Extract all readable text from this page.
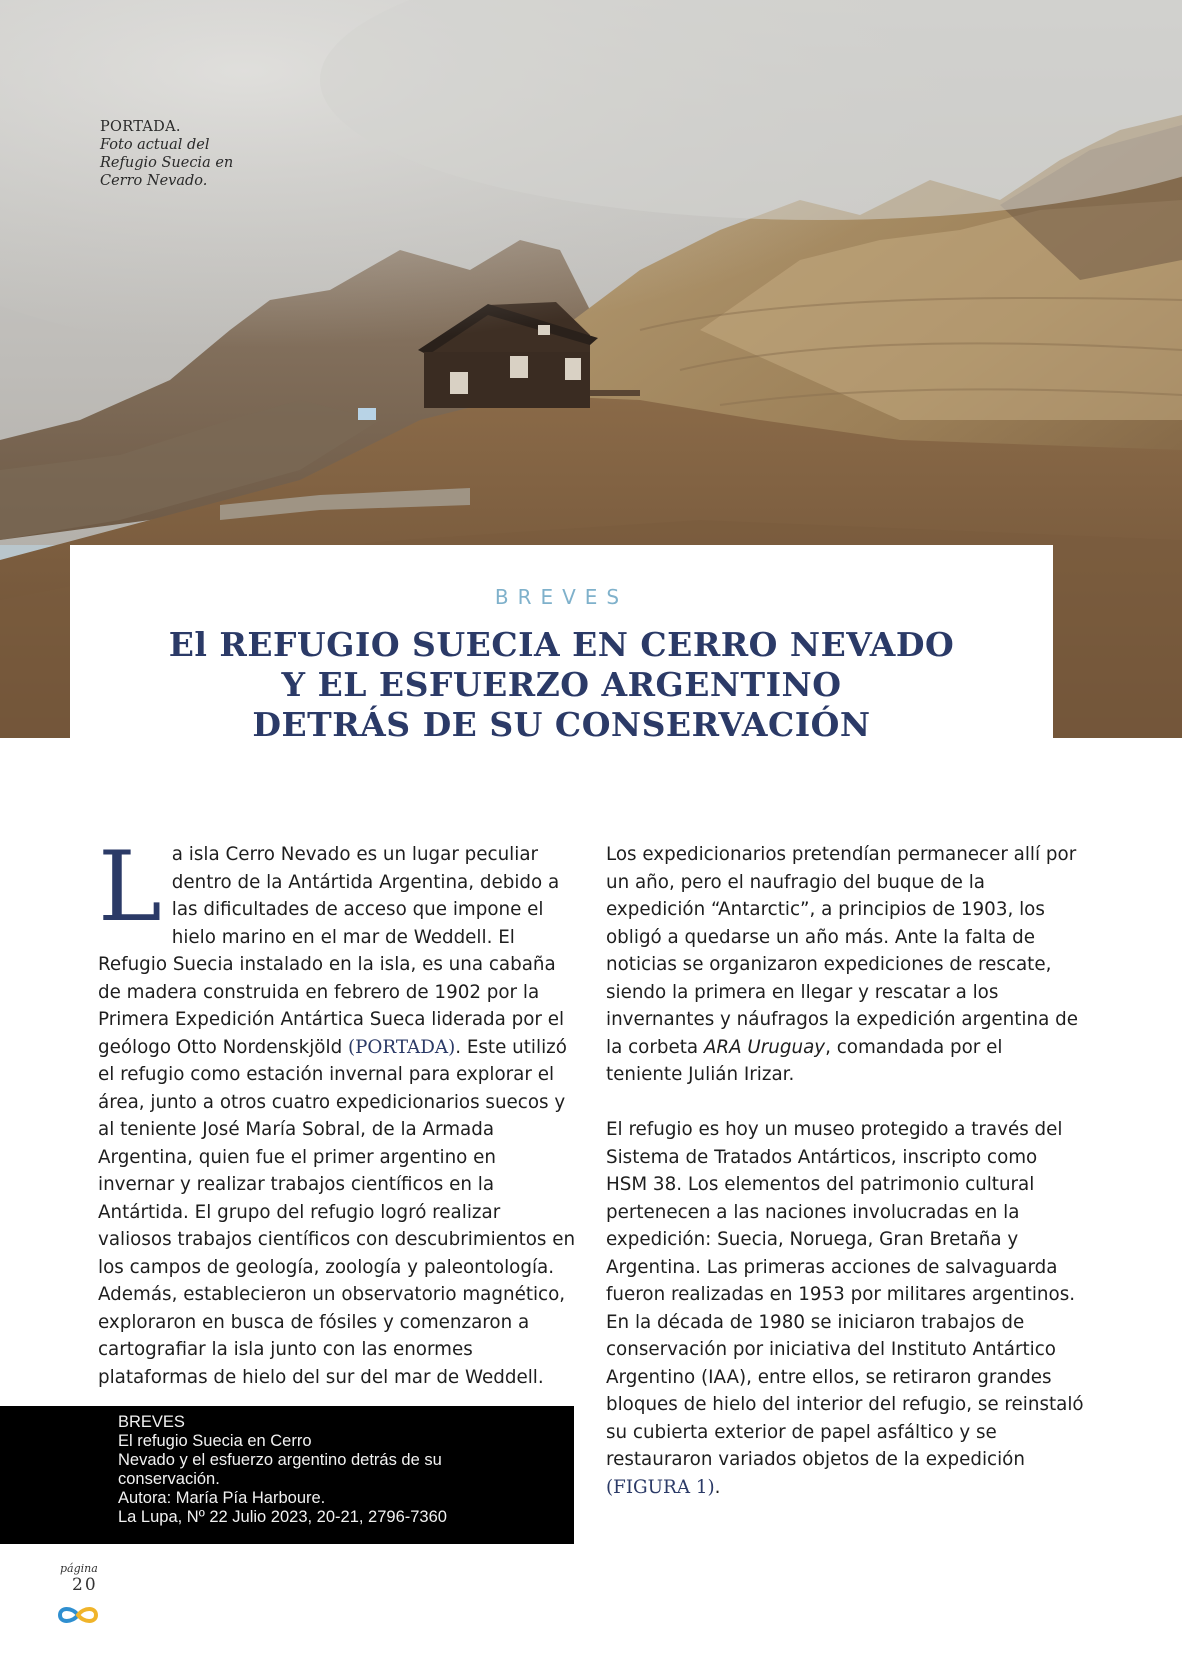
PORTADA.
Foto actual del Refugio Suecia en Cerro Nevado.
BREVES
El REFUGIO SUECIA EN CERRO NEVADO
Y EL ESFUERZO ARGENTINO
DETRÁS DE SU CONSERVACIÓN

La isla Cerro Nevado es un lugar peculiar dentro de la Antártida Argentina, debido a las dificultades de acceso que impone el hielo marino en el mar de Weddell. El Refugio Suecia instalado en la isla, es una cabaña de madera construida en febrero de 1902 por la Primera Expedición Antártica Sueca liderada por el geólogo Otto Nordenskjöld (PORTADA). Este utilizó el refugio como estación invernal para explorar el área, junto a otros cuatro expedicionarios suecos y al teniente José María Sobral, de la Armada Argentina, quien fue el primer argentino en invernar y realizar trabajos científicos en la Antártida. El grupo del refugio logró realizar valiosos trabajos científicos con descubrimientos en los campos de geología, zoología y paleontología. Además, establecieron un observatorio magnético, exploraron en busca de fósiles y comenzaron a cartografiar la isla junto con las enormes plataformas de hielo del sur del mar de Weddell.

Los expedicionarios pretendían permanecer allí por un año, pero el naufragio del buque de la expedición “Antarctic”, a principios de 1903, los obligó a quedarse un año más. Ante la falta de noticias se organizaron expediciones de rescate, siendo la primera en llegar y rescatar a los invernantes y náufragos la expedición argentina de la corbeta ARA Uruguay, comandada por el teniente Julián Irizar.

El refugio es hoy un museo protegido a través del Sistema de Tratados Antárticos, inscripto como HSM 38. Los elementos del patrimonio cultural pertenecen a las naciones involucradas en la expedición: Suecia, Noruega, Gran Bretaña y Argentina. Las primeras acciones de salvaguarda fueron realizadas en 1953 por militares argentinos. En la década de 1980 se iniciaron trabajos de conservación por iniciativa del Instituto Antártico Argentino (IAA), entre ellos, se retiraron grandes bloques de hielo del interior del refugio, se reinstaló su cubierta exterior de papel asfáltico y se restauraron variados objetos de la expedición (FIGURA 1).

BREVES
El refugio Suecia en Cerro
Nevado y el esfuerzo argentino detrás de su
conservación.
Autora: María Pía Harboure.
La Lupa, Nº 22 Julio 2023, 20-21, 2796-7360
página
20
